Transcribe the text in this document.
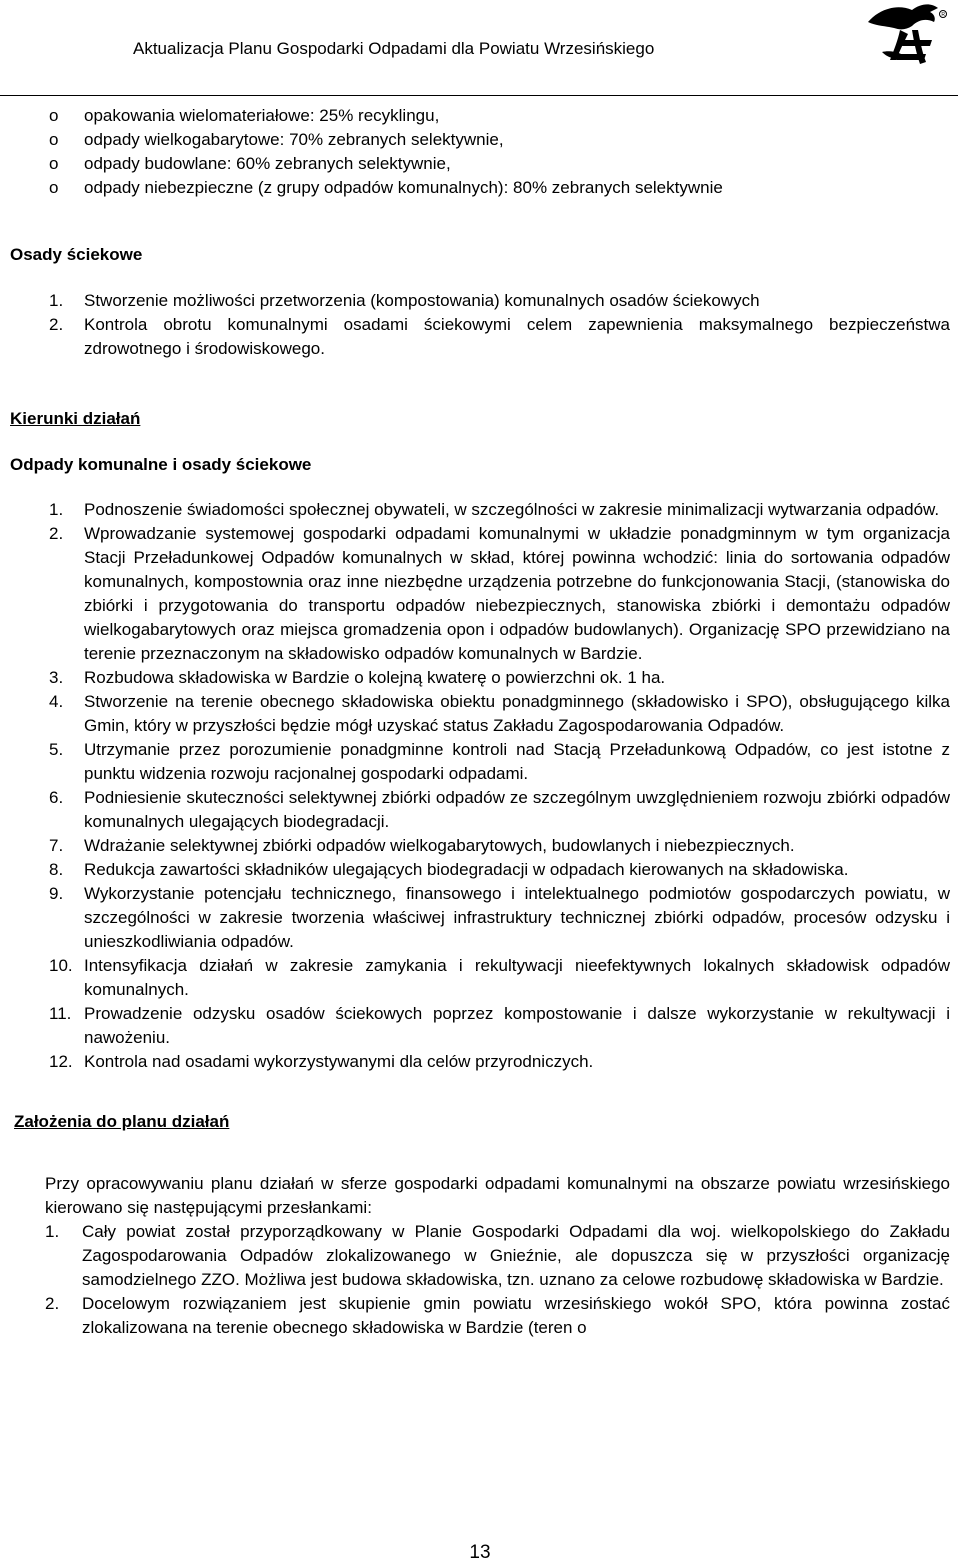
Aktualizacja Planu Gospodarki Odpadami dla Powiatu Wrzesińskiego
R
o opakowania wielomateriałowe: 25% recyklingu,
o odpady wielkogabarytowe: 70% zebranych selektywnie,
o odpady budowlane: 60% zebranych selektywnie,
o odpady niebezpieczne (z grupy odpadów komunalnych): 80% zebranych selektywnie
Osady ściekowe
1. Stworzenie możliwości przetworzenia (kompostowania) komunalnych osadów ściekowych
2. Kontrola obrotu komunalnymi osadami ściekowymi celem zapewnienia maksymalnego bezpieczeństwa zdrowotnego i środowiskowego.
Kierunki działań
Odpady komunalne i osady ściekowe
1. Podnoszenie świadomości społecznej obywateli, w szczególności w zakresie minimalizacji wytwarzania odpadów.
2. Wprowadzanie systemowej gospodarki odpadami komunalnymi w układzie ponadgminnym w tym organizacja Stacji Przeładunkowej Odpadów komunalnych w skład, której powinna wchodzić: linia do sortowania odpadów komunalnych, kompostownia oraz inne niezbędne urządzenia potrzebne do funkcjonowania Stacji, (stanowiska do zbiórki i przygotowania do transportu odpadów niebezpiecznych, stanowiska zbiórki i demontażu odpadów wielkogabarytowych oraz miejsca gromadzenia opon i odpadów budowlanych). Organizację SPO przewidziano na terenie przeznaczonym na składowisko odpadów komunalnych w Bardzie.
3. Rozbudowa składowiska w Bardzie o kolejną kwaterę o powierzchni ok. 1 ha.
4. Stworzenie na terenie obecnego składowiska obiektu ponadgminnego (składowisko i SPO), obsługującego kilka Gmin, który w przyszłości będzie mógł uzyskać status Zakładu Zagospodarowania Odpadów.
5. Utrzymanie przez porozumienie ponadgminne kontroli nad Stacją Przeładunkową Odpadów, co jest istotne z punktu widzenia rozwoju racjonalnej gospodarki odpadami.
6. Podniesienie skuteczności selektywnej zbiórki odpadów ze szczególnym uwzględnieniem rozwoju zbiórki odpadów komunalnych ulegających biodegradacji.
7. Wdrażanie selektywnej zbiórki odpadów wielkogabarytowych, budowlanych i niebezpiecznych.
8. Redukcja zawartości składników ulegających biodegradacji w odpadach kierowanych na składowiska.
9. Wykorzystanie potencjału technicznego, finansowego i intelektualnego podmiotów gospodarczych powiatu, w szczególności w zakresie tworzenia właściwej infrastruktury technicznej zbiórki odpadów, procesów odzysku i unieszkodliwiania odpadów.
10. Intensyfikacja działań w zakresie zamykania i rekultywacji nieefektywnych lokalnych składowisk odpadów komunalnych.
11. Prowadzenie odzysku osadów ściekowych poprzez kompostowanie i dalsze wykorzystanie w rekultywacji i nawożeniu.
12. Kontrola nad osadami wykorzystywanymi dla celów przyrodniczych.
Założenia do planu działań

Przy opracowywaniu planu działań w sferze gospodarki odpadami komunalnymi na obszarze powiatu wrzesińskiego kierowano się następującymi przesłankami:

1. Cały powiat został przyporządkowany w Planie Gospodarki Odpadami dla woj. wielkopolskiego do Zakładu Zagospodarowania Odpadów zlokalizowanego w Gnieźnie, ale dopuszcza się w przyszłości organizację samodzielnego ZZO. Możliwa jest budowa składowiska, tzn. uznano za celowe rozbudowę składowiska w Bardzie.
2. Docelowym rozwiązaniem jest skupienie gmin powiatu wrzesińskiego wokół SPO, która powinna zostać zlokalizowana na terenie obecnego składowiska w Bardzie (teren o
13
